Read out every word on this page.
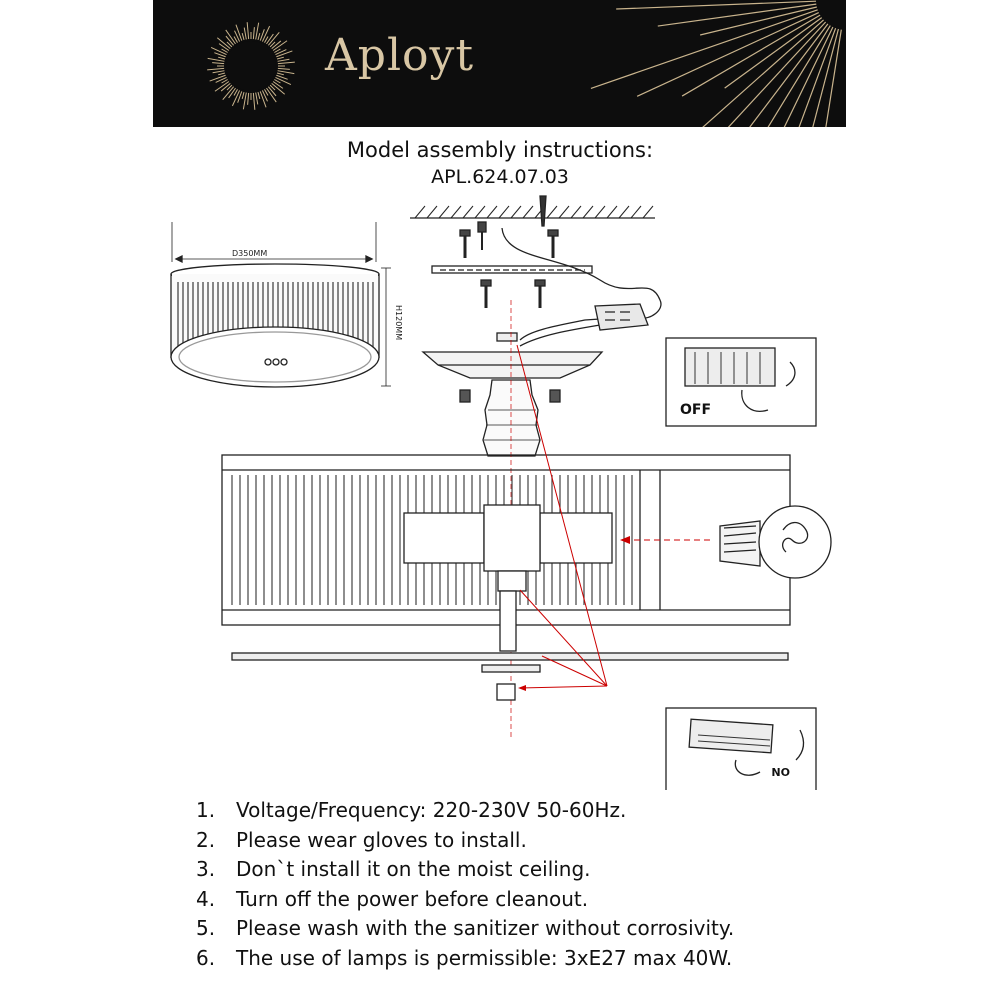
Aployt
Model assembly instructions:
APL.624.07.03
D350MM
H120MM
OFF
ON
1.	Voltage/Frequency: 220-230V 50-60Hz.
2.	Please wear gloves to install.
3.	Don`t install it on the moist ceiling.
4.	Turn off the power before cleanout.
5.	Please wash with the sanitizer without corrosivity.
6.	The use of lamps is permissible: 3xE27 max 40W.
